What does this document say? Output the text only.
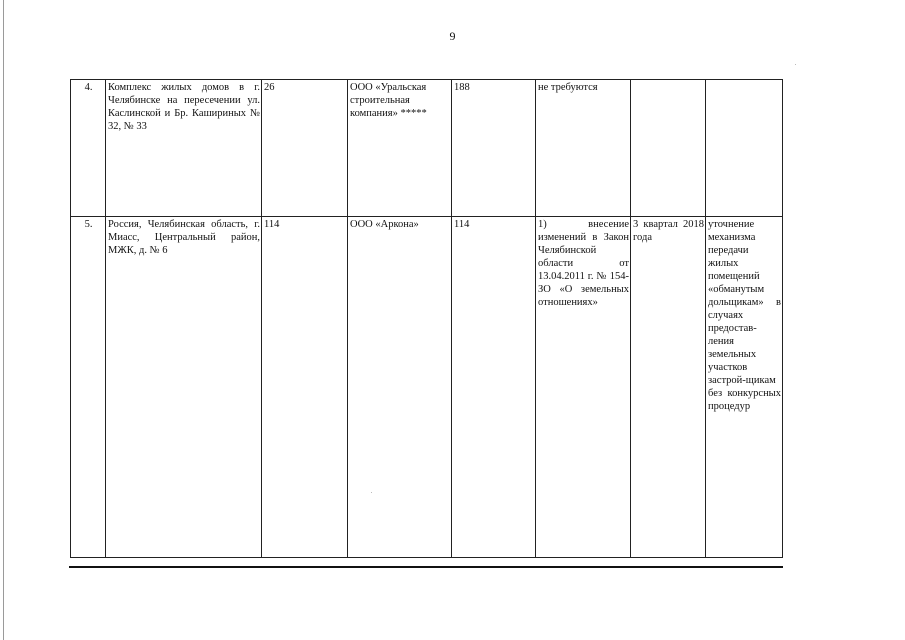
9
4.	Комплекс жилых домов в г. Челябинске на пересечении ул. Каслинской и Бр. Кашириных № 32, № 33	26	ООО «Уральская строительная компания» *****	188	не требуются		
5.	Россия, Челябинская область, г. Миасс, Центральный район, МЖК, д. № 6	114	ООО «Аркона»	114	1) внесение изменений в Закон Челябинской области от 13.04.2011 г. № 154-ЗО «О земельных отношениях»	3 квартал 2018 года	уточнение механизма передачи жилых помещений «обманутым дольщикам» в случаях предостав-ления земельных участков застрой-щикам без конкурсных процедур
